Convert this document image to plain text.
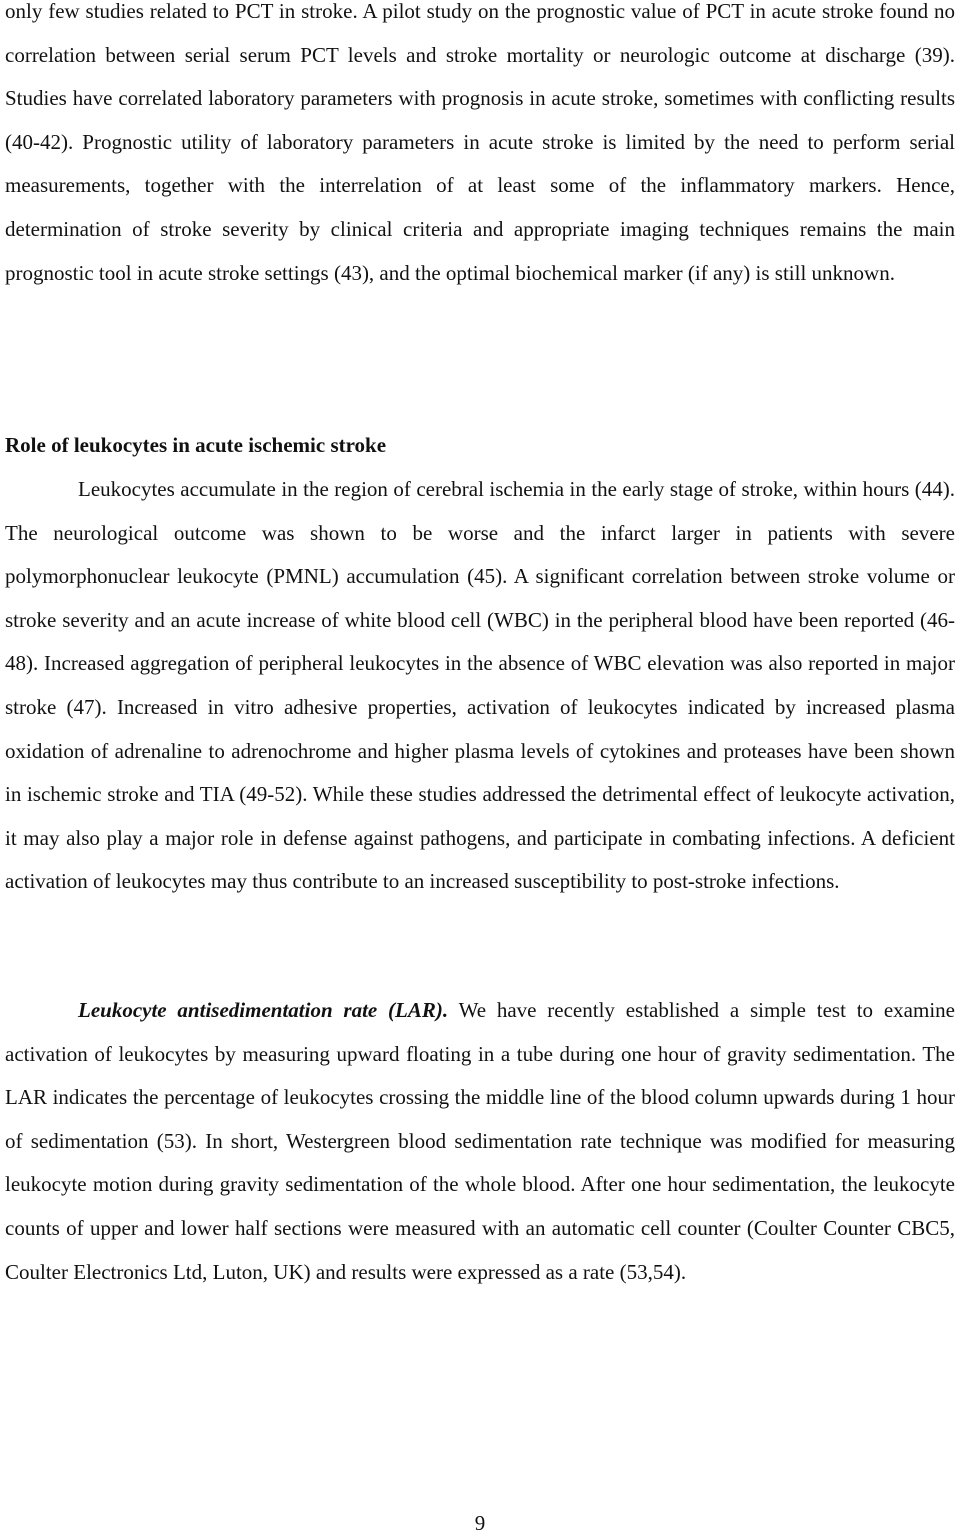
only few studies related to PCT in stroke. A pilot study on the prognostic value of PCT in acute stroke found no correlation between serial serum PCT levels and stroke mortality or neurologic outcome at discharge (39). Studies have correlated laboratory parameters with prognosis in acute stroke, sometimes with conflicting results (40-42). Prognostic utility of laboratory parameters in acute stroke is limited by the need to perform serial measurements, together with the interrelation of at least some of the inflammatory markers. Hence, determination of stroke severity by clinical criteria and appropriate imaging techniques remains the main prognostic tool in acute stroke settings (43), and the optimal biochemical marker (if any) is still unknown.

Role of leukocytes in acute ischemic stroke

Leukocytes accumulate in the region of cerebral ischemia in the early stage of stroke, within hours (44). The neurological outcome was shown to be worse and the infarct larger in patients with severe polymorphonuclear leukocyte (PMNL) accumulation (45). A significant correlation between stroke volume or stroke severity and an acute increase of white blood cell (WBC) in the peripheral blood have been reported (46-48). Increased aggregation of peripheral leukocytes in the absence of WBC elevation was also reported in major stroke (47). Increased in vitro adhesive properties, activation of leukocytes indicated by increased plasma oxidation of adrenaline to adrenochrome and higher plasma levels of cytokines and proteases have been shown in ischemic stroke and TIA (49-52). While these studies addressed the detrimental effect of leukocyte activation, it may also play a major role in defense against pathogens, and participate in combating infections. A deficient activation of leukocytes may thus contribute to an increased susceptibility to post-stroke infections.

Leukocyte antisedimentation rate (LAR). We have recently established a simple test to examine activation of leukocytes by measuring upward floating in a tube during one hour of gravity sedimentation. The LAR indicates the percentage of leukocytes crossing the middle line of the blood column upwards during 1 hour of sedimentation (53). In short, Westergreen blood sedimentation rate technique was modified for measuring leukocyte motion during gravity sedimentation of the whole blood. After one hour sedimentation, the leukocyte counts of upper and lower half sections were measured with an automatic cell counter (Coulter Counter CBC5, Coulter Electronics Ltd, Luton, UK) and results were expressed as a rate (53,54).

9
